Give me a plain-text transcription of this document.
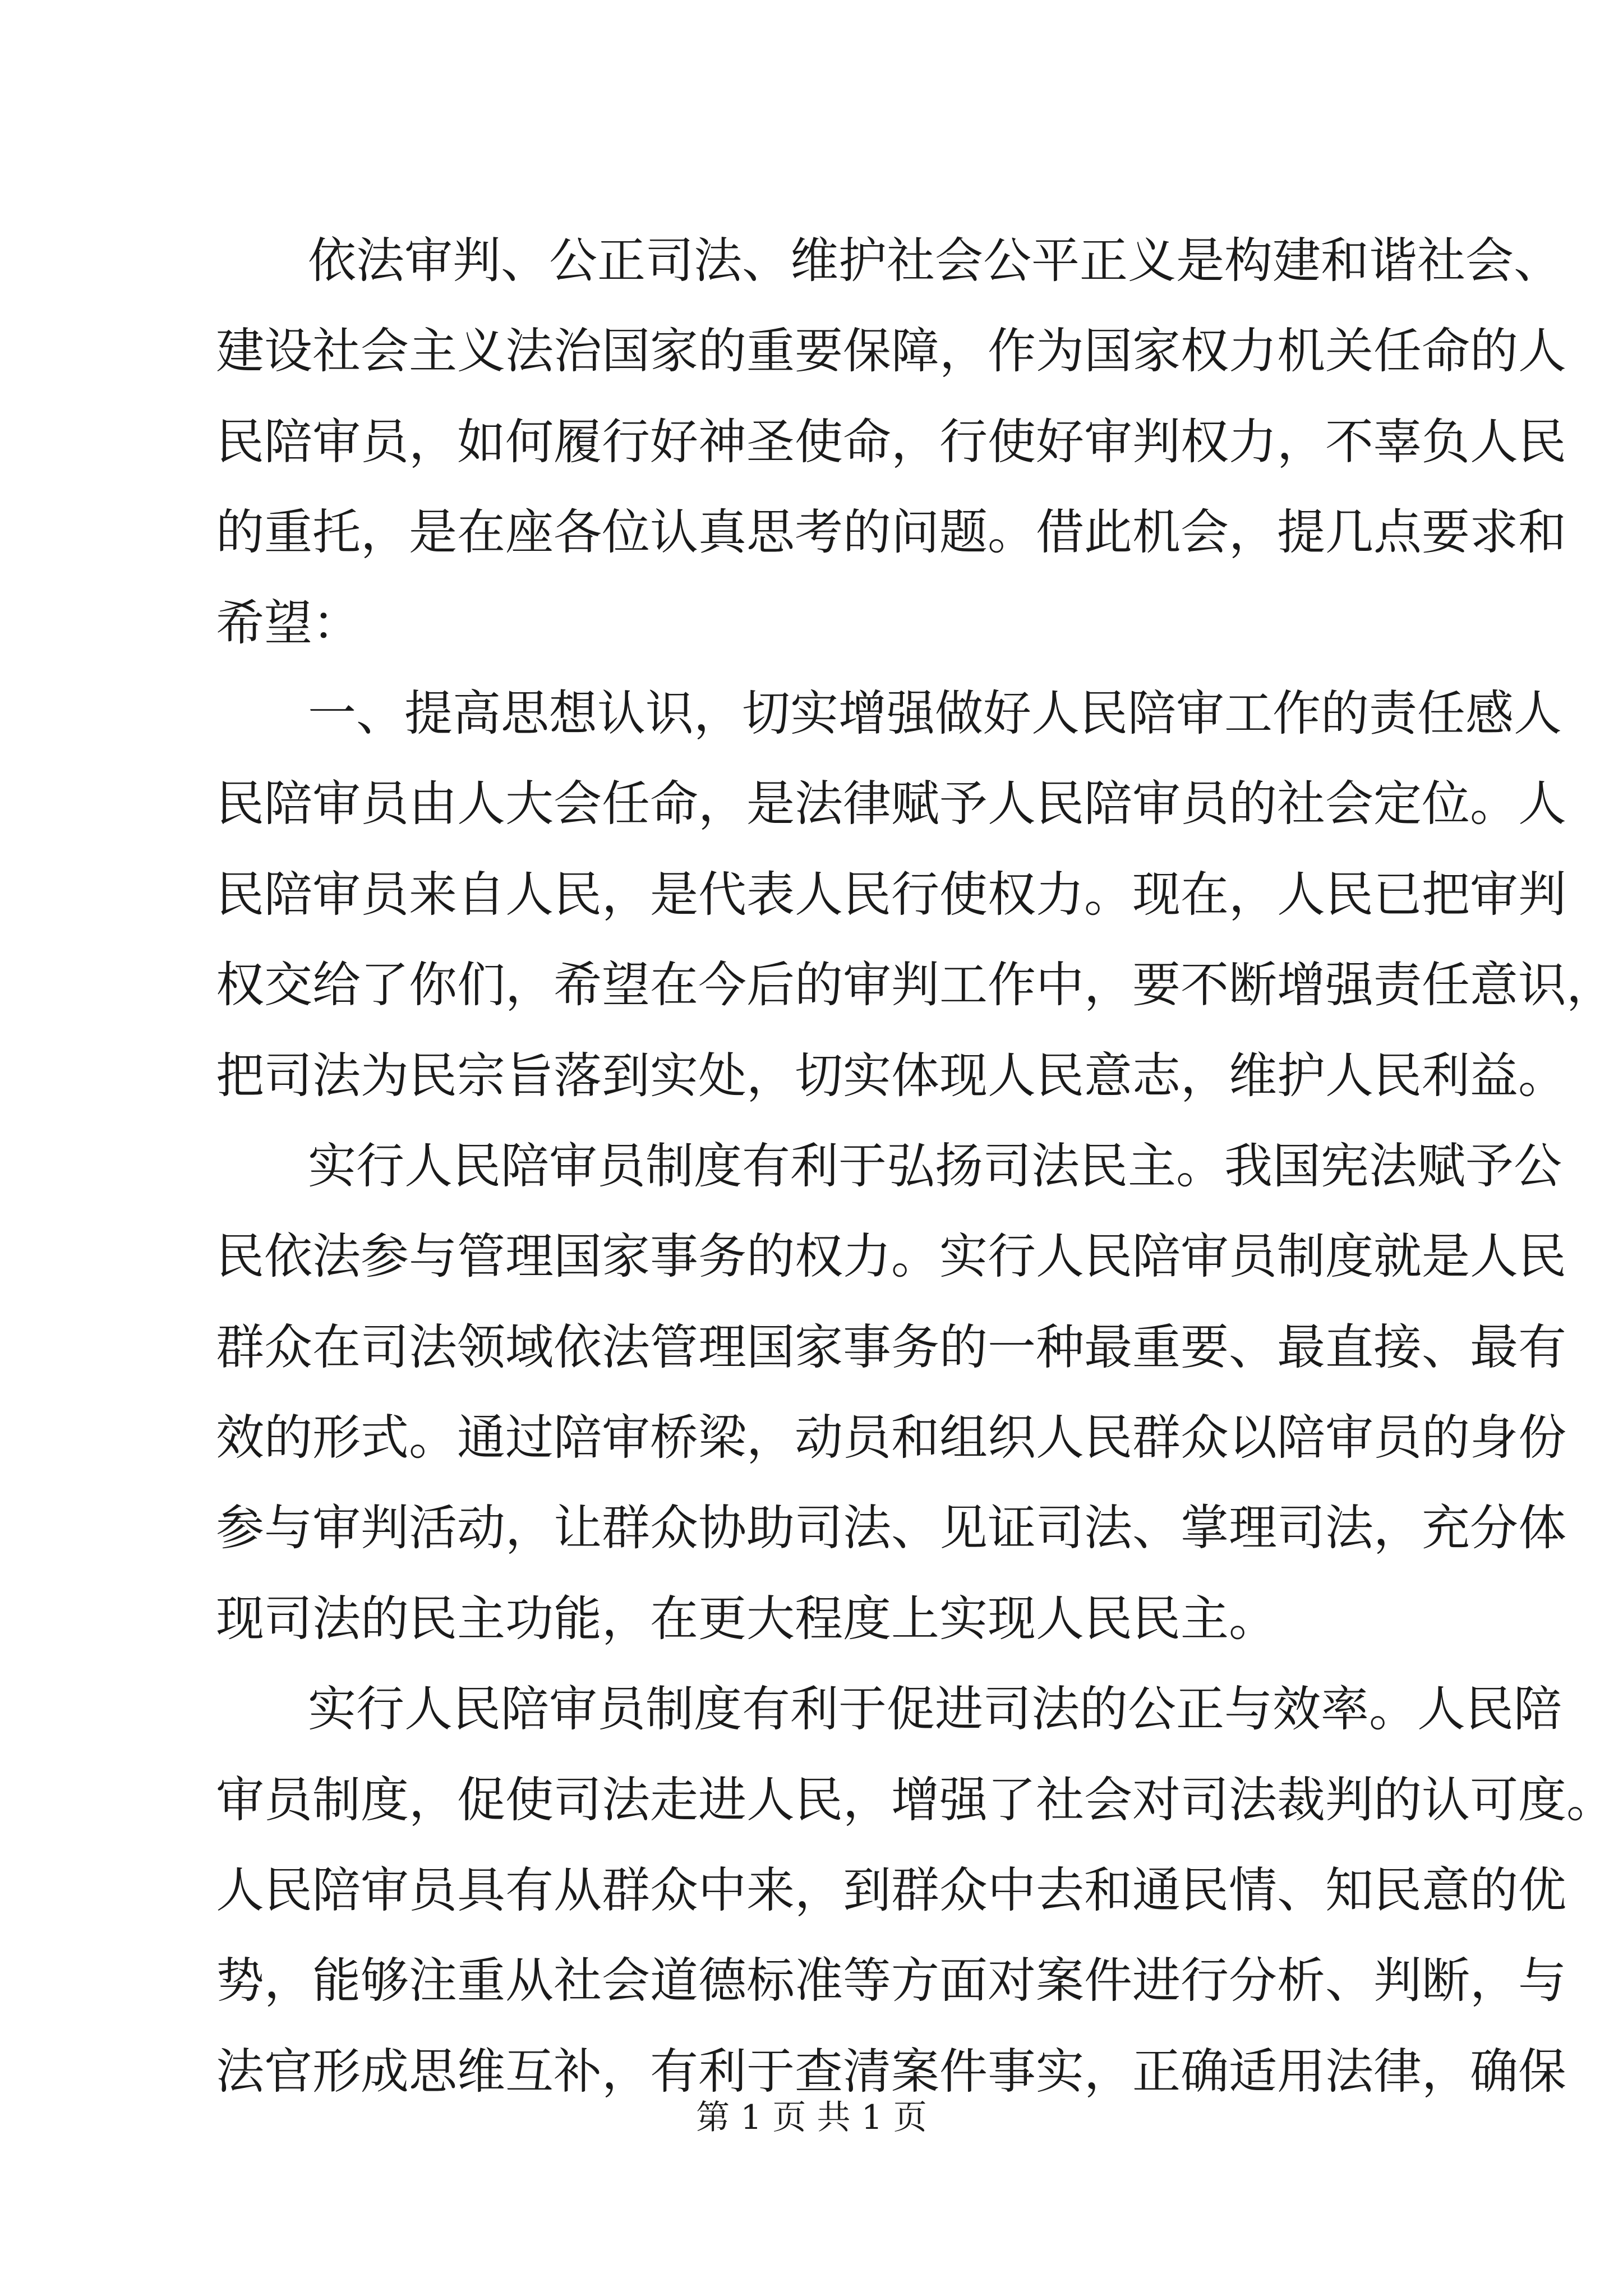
依法审判、公正司法、维护社会公平正义是构建和谐社会、
建设社会主义法治国家的重要保障，作为国家权力机关任命的人
民陪审员，如何履行好神圣使命，行使好审判权力，不辜负人民
的重托，是在座各位认真思考的问题。借此机会，提几点要求和
希望：
一、提高思想认识，切实增强做好人民陪审工作的责任感人
民陪审员由人大会任命，是法律赋予人民陪审员的社会定位。人
民陪审员来自人民，是代表人民行使权力。现在，人民已把审判
权交给了你们，希望在今后的审判工作中，要不断增强责任意识，
把司法为民宗旨落到实处，切实体现人民意志，维护人民利益。
实行人民陪审员制度有利于弘扬司法民主。我国宪法赋予公
民依法参与管理国家事务的权力。实行人民陪审员制度就是人民
群众在司法领域依法管理国家事务的一种最重要、最直接、最有
效的形式。通过陪审桥梁，动员和组织人民群众以陪审员的身份
参与审判活动，让群众协助司法、见证司法、掌理司法，充分体
现司法的民主功能，在更大程度上实现人民民主。
实行人民陪审员制度有利于促进司法的公正与效率。人民陪
审员制度，促使司法走进人民，增强了社会对司法裁判的认可度。
人民陪审员具有从群众中来，到群众中去和通民情、知民意的优
势，能够注重从社会道德标准等方面对案件进行分析、判断，与
法官形成思维互补，有利于查清案件事实，正确适用法律，确保
第 1 页 共 1 页
